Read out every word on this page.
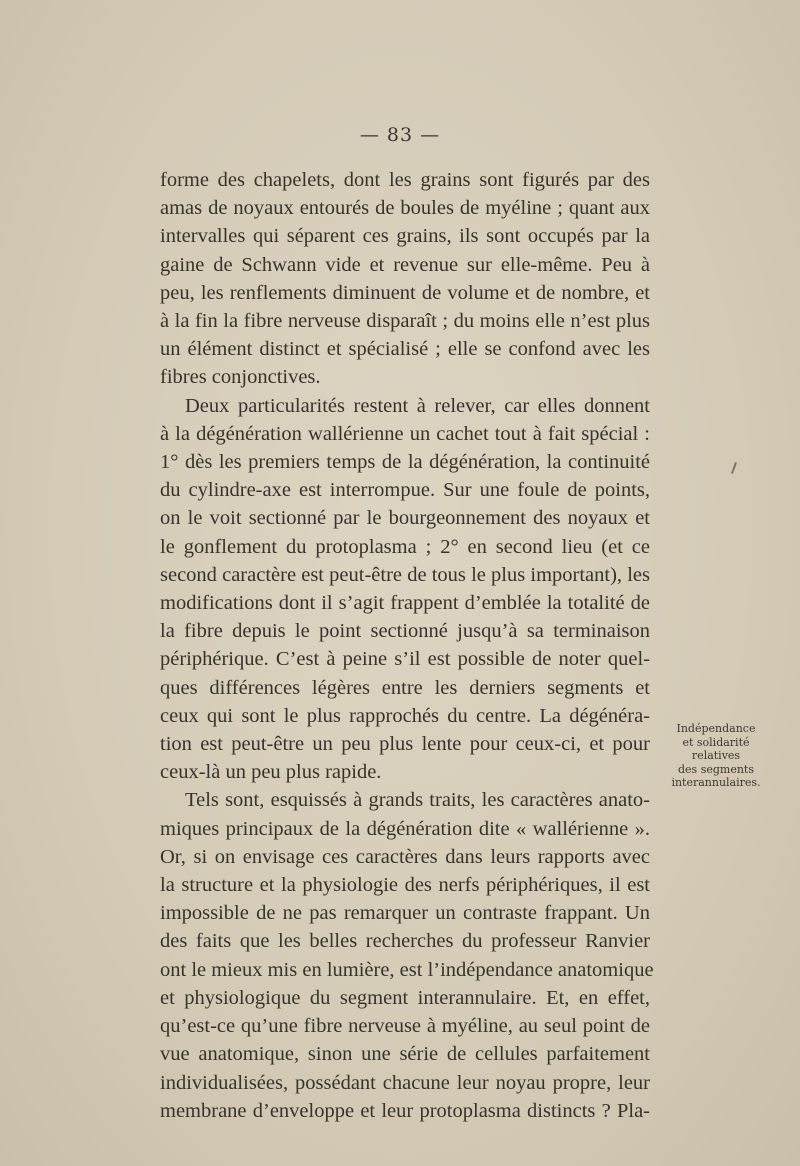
— 83 —
forme des chapelets, dont les grains sont figurés par des
amas de noyaux entourés de boules de myéline ; quant aux
intervalles qui séparent ces grains, ils sont occupés par la
gaine de Schwann vide et revenue sur elle-même. Peu à
peu, les renflements diminuent de volume et de nombre, et
à la fin la fibre nerveuse disparaît ; du moins elle n’est plus
un élément distinct et spécialisé ; elle se confond avec les
fibres conjonctives.
Deux particularités restent à relever, car elles donnent
à la dégénération wallérienne un cachet tout à fait spécial :
1° dès les premiers temps de la dégénération, la continuité
du cylindre-axe est interrompue. Sur une foule de points,
on le voit sectionné par le bourgeonnement des noyaux et
le gonflement du protoplasma ; 2° en second lieu (et ce
second caractère est peut-être de tous le plus important), les
modifications dont il s’agit frappent d’emblée la totalité de
la fibre depuis le point sectionné jusqu’à sa terminaison
périphérique. C’est à peine s’il est possible de noter quel-
ques différences légères entre les derniers segments et
ceux qui sont le plus rapprochés du centre. La dégénéra-
tion est peut-être un peu plus lente pour ceux-ci, et pour
ceux-là un peu plus rapide.
Tels sont, esquissés à grands traits, les caractères anato-
miques principaux de la dégénération dite « wallérienne ».
Or, si on envisage ces caractères dans leurs rapports avec
la structure et la physiologie des nerfs périphériques, il est
impossible de ne pas remarquer un contraste frappant. Un
des faits que les belles recherches du professeur Ranvier
ont le mieux mis en lumière, est l’indépendance anatomique
et physiologique du segment interannulaire. Et, en effet,
qu’est-ce qu’une fibre nerveuse à myéline, au seul point de
vue anatomique, sinon une série de cellules parfaitement
individualisées, possédant chacune leur noyau propre, leur
membrane d’enveloppe et leur protoplasma distincts ? Pla-
Indépendance
et solidarité
relatives
des segments
interannulaires.
